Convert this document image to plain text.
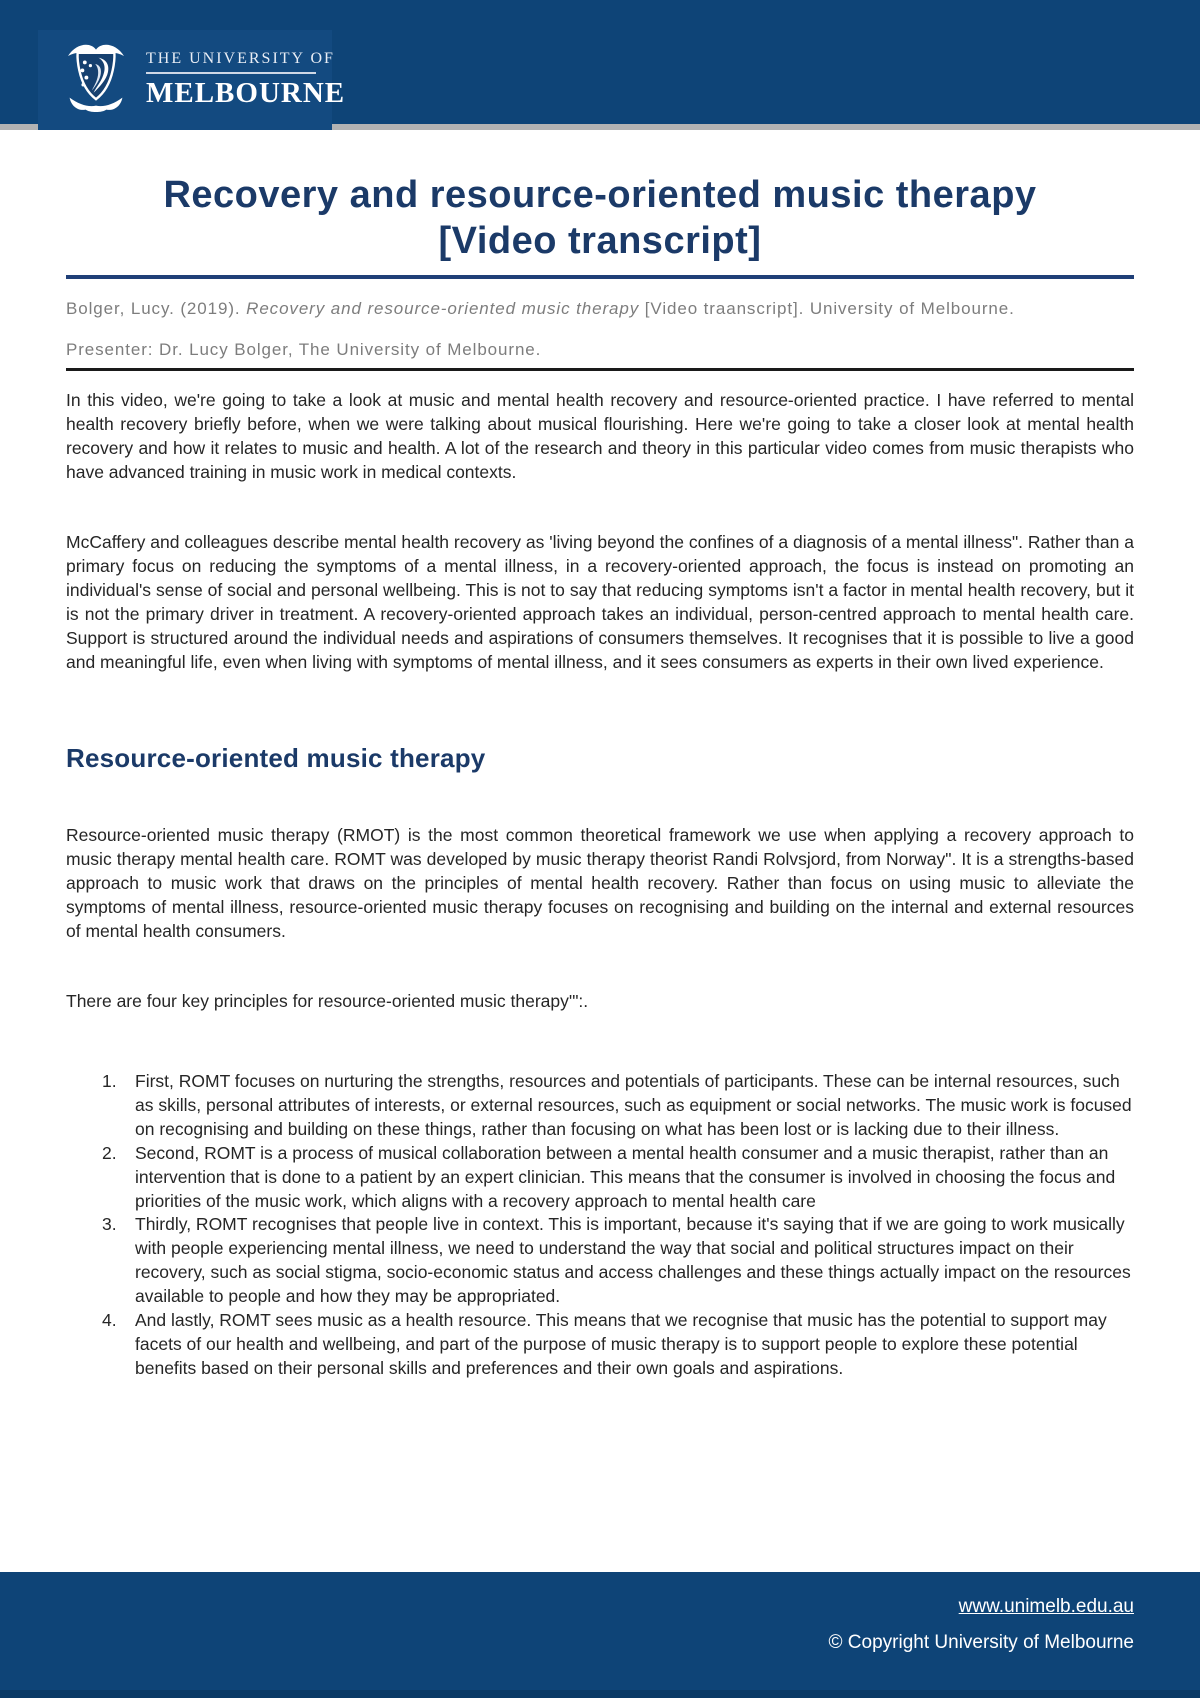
THE UNIVERSITY OF
MELBOURNE
Recovery and resource-oriented music therapy
[Video transcript]
Bolger, Lucy. (2019). Recovery and resource-oriented music therapy [Video traanscript]. University of Melbourne.
Presenter: Dr. Lucy Bolger, The University of Melbourne.

In this video, we're going to take a look at music and mental health recovery and resource-oriented practice. I have referred to mental health recovery briefly before, when we were talking about musical flourishing. Here we're going to take a closer look at mental health recovery and how it relates to music and health. A lot of the research and theory in this particular video comes from music therapists who have advanced training in music work in medical contexts.

McCaffery and colleagues describe mental health recovery as 'living beyond the confines of a diagnosis of a mental illness". Rather than a primary focus on reducing the symptoms of a mental illness, in a recovery-oriented approach, the focus is instead on promoting an individual's sense of social and personal wellbeing. This is not to say that reducing symptoms isn't a factor in mental health recovery, but it is not the primary driver in treatment. A recovery-oriented approach takes an individual, person-centred approach to mental health care. Support is structured around the individual needs and aspirations of consumers themselves. It recognises that it is possible to live a good and meaningful life, even when living with symptoms of mental illness, and it sees consumers as experts in their own lived experience.

Resource-oriented music therapy

Resource-oriented music therapy (RMOT) is the most common theoretical framework we use when applying a recovery approach to music therapy mental health care. ROMT was developed by music therapy theorist Randi Rolvsjord, from Norway". It is a strengths-based approach to music work that draws on the principles of mental health recovery. Rather than focus on using music to alleviate the symptoms of mental illness, resource-oriented music therapy focuses on recognising and building on the internal and external resources of mental health consumers.

There are four key principles for resource-oriented music therapy'":.

1.	First, ROMT focuses on nurturing the strengths, resources and potentials of participants. These can be internal resources, such as skills, personal attributes of interests, or external resources, such as equipment or social networks. The music work is focused on recognising and building on these things, rather than focusing on what has been lost or is lacking due to their illness.
2.	Second, ROMT is a process of musical collaboration between a mental health consumer and a music therapist, rather than an intervention that is done to a patient by an expert clinician. This means that the consumer is involved in choosing the focus and priorities of the music work, which aligns with a recovery approach to mental health care
3.	Thirdly, ROMT recognises that people live in context. This is important, because it's saying that if we are going to work musically with people experiencing mental illness, we need to understand the way that social and political structures impact on their recovery, such as social stigma, socio-economic status and access challenges and these things actually impact on the resources available to people and how they may be appropriated.
4.	And lastly, ROMT sees music as a health resource. This means that we recognise that music has the potential to support may facets of our health and wellbeing, and part of the purpose of music therapy is to support people to explore these potential benefits based on their personal skills and preferences and their own goals and aspirations.
www.unimelb.edu.au
© Copyright University of Melbourne
